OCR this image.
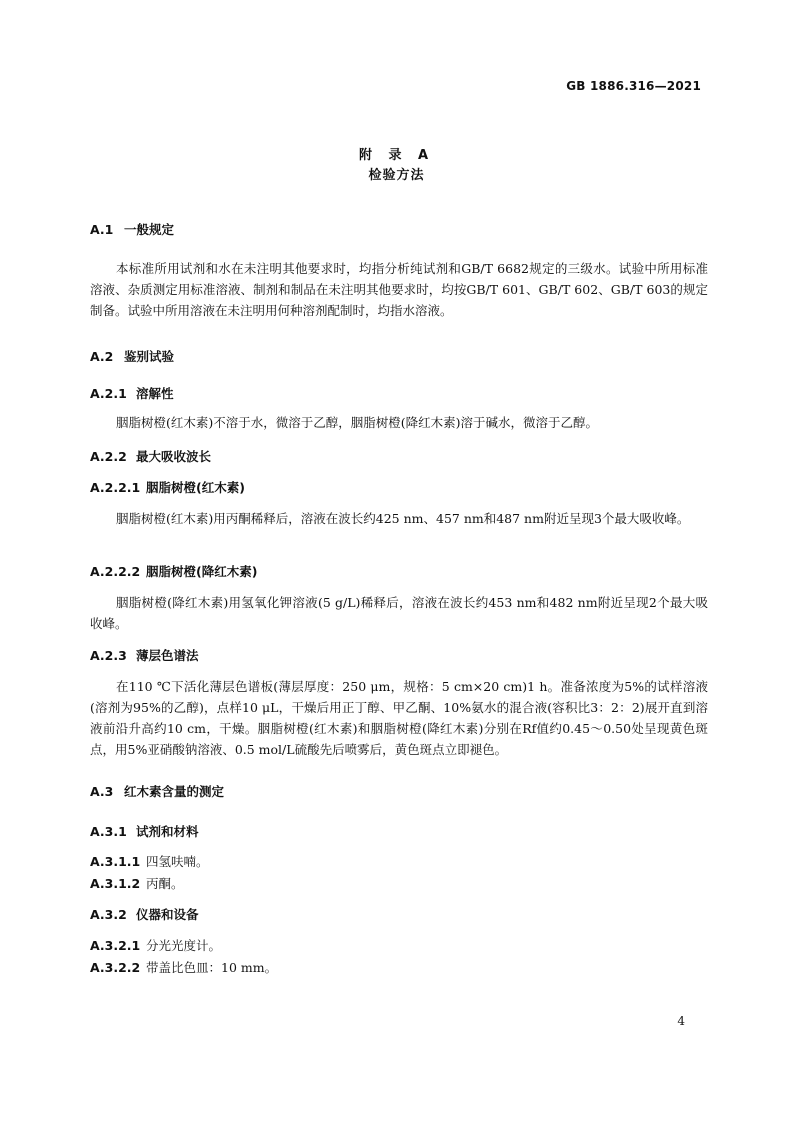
GB 1886.316—2021
附 录 A
检验方法
A.1 一般规定
本标准所用试剂和水在未注明其他要求时，均指分析纯试剂和GB/T 6682规定的三级水。试验中所用标准溶液、杂质测定用标准溶液、制剂和制品在未注明其他要求时，均按GB/T 601、GB/T 602、GB/T 603的规定制备。试验中所用溶液在未注明用何种溶剂配制时，均指水溶液。
A.2 鉴别试验
A.2.1 溶解性
胭脂树橙(红木素)不溶于水，微溶于乙醇，胭脂树橙(降红木素)溶于碱水，微溶于乙醇。
A.2.2 最大吸收波长
A.2.2.1 胭脂树橙(红木素)
胭脂树橙(红木素)用丙酮稀释后，溶液在波长约425 nm、457 nm和487 nm附近呈现3个最大吸收峰。
A.2.2.2 胭脂树橙(降红木素)
胭脂树橙(降红木素)用氢氧化钾溶液(5 g/L)稀释后，溶液在波长约453 nm和482 nm附近呈现2个最大吸收峰。
A.2.3 薄层色谱法
在110 ℃下活化薄层色谱板(薄层厚度：250 μm，规格：5 cm×20 cm)1 h。准备浓度为5%的试样溶液(溶剂为95%的乙醇)，点样10 μL，干燥后用正丁醇、甲乙酮、10%氨水的混合液(容积比3：2：2)展开直到溶液前沿升高约10 cm，干燥。胭脂树橙(红木素)和胭脂树橙(降红木素)分别在Rf值约0.45～0.50处呈现黄色斑点，用5%亚硝酸钠溶液、0.5 mol/L硫酸先后喷雾后，黄色斑点立即褪色。
A.3 红木素含量的测定
A.3.1 试剂和材料
A.3.1.1 四氢呋喃。
A.3.1.2 丙酮。
A.3.2 仪器和设备
A.3.2.1 分光光度计。
A.3.2.2 带盖比色皿：10 mm。
4
